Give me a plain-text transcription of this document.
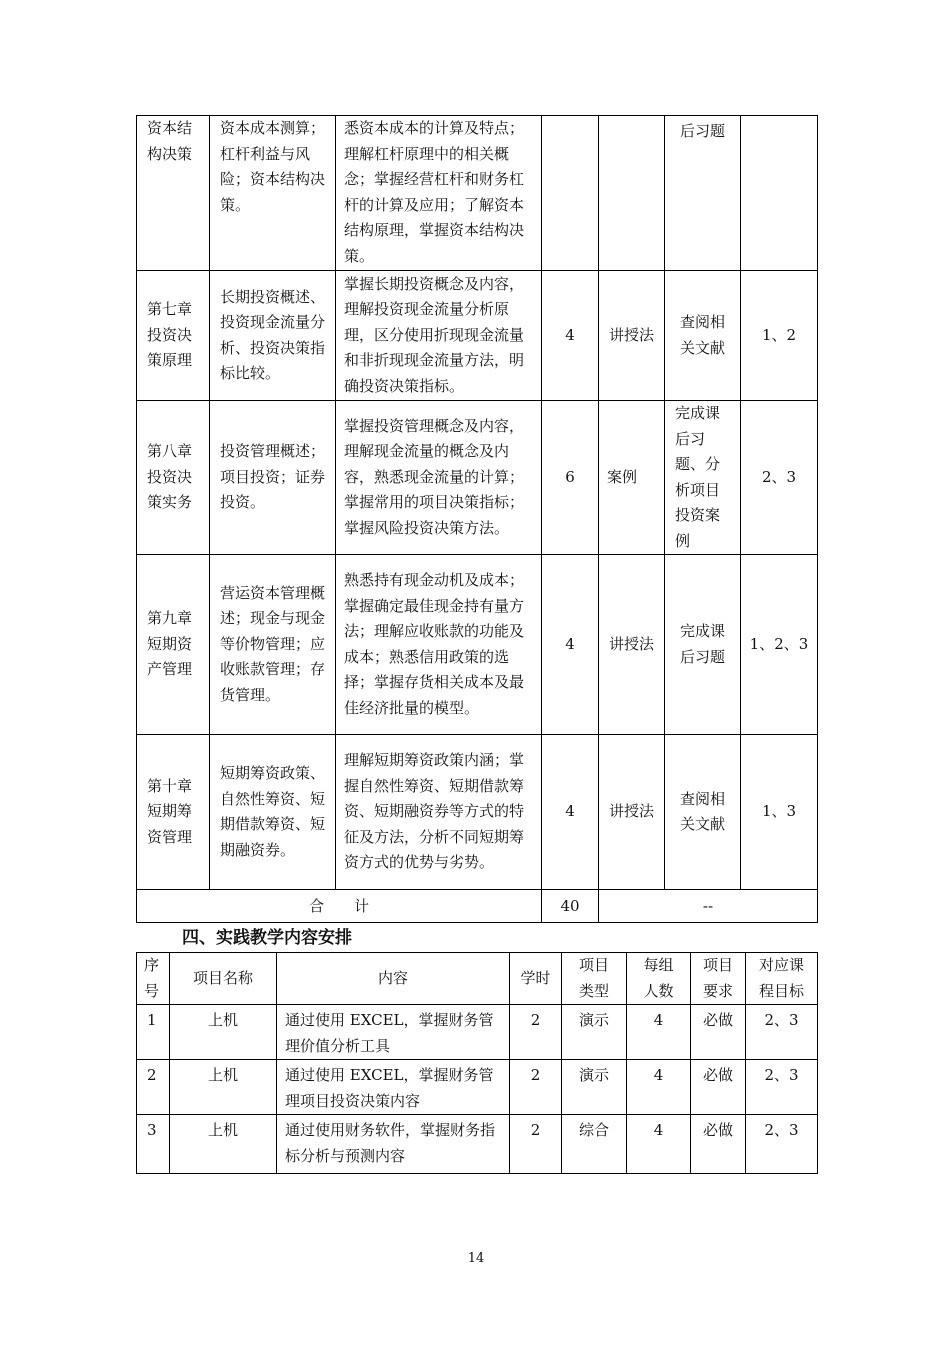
资本结构决策	资本成本测算；杠杆利益与风险；资本结构决策。	悉资本成本的计算及特点；理解杠杆原理中的相关概念；掌握经营杠杆和财务杠杆的计算及应用；了解资本结构原理，掌握资本结构决策。			后习题	
第七章投资决策原理	长期投资概述、投资现金流量分析、投资决策指标比较。	掌握长期投资概念及内容，理解投资现金流量分析原理，区分使用折现现金流量和非折现现金流量方法，明确投资决策指标。	4	讲授法	查阅相关文献	1、2
第八章投资决策实务	投资管理概述；项目投资；证券投资。	掌握投资管理概念及内容，理解现金流量的概念及内容，熟悉现金流量的计算；掌握常用的项目决策指标；掌握风险投资决策方法。	6	案例	完成课后习题、分析项目投资案例	2、3
第九章短期资产管理	营运资本管理概述；现金与现金等价物管理；应收账款管理；存货管理。	熟悉持有现金动机及成本；掌握确定最佳现金持有量方法；理解应收账款的功能及成本；熟悉信用政策的选择；掌握存货相关成本及最佳经济批量的模型。	4	讲授法	完成课后习题	1、2、3
第十章短期筹资管理	短期筹资政策、自然性筹资、短期借款筹资、短期融资券。	理解短期筹资政策内涵；掌握自然性筹资、短期借款筹资、短期融资券等方式的特征及方法，分析不同短期筹资方式的优势与劣势。	4	讲授法	查阅相关文献	1、3
合　　计			40	--		
四、实践教学内容安排
序号	项目名称	内容	学时	项目类型	每组人数	项目要求	对应课程目标
1	上机	通过使用 EXCEL，掌握财务管理价值分析工具	2	演示	4	必做	2、3
2	上机	通过使用 EXCEL，掌握财务管理项目投资决策内容	2	演示	4	必做	2、3
3	上机	通过使用财务软件，掌握财务指标分析与预测内容	2	综合	4	必做	2、3
14
